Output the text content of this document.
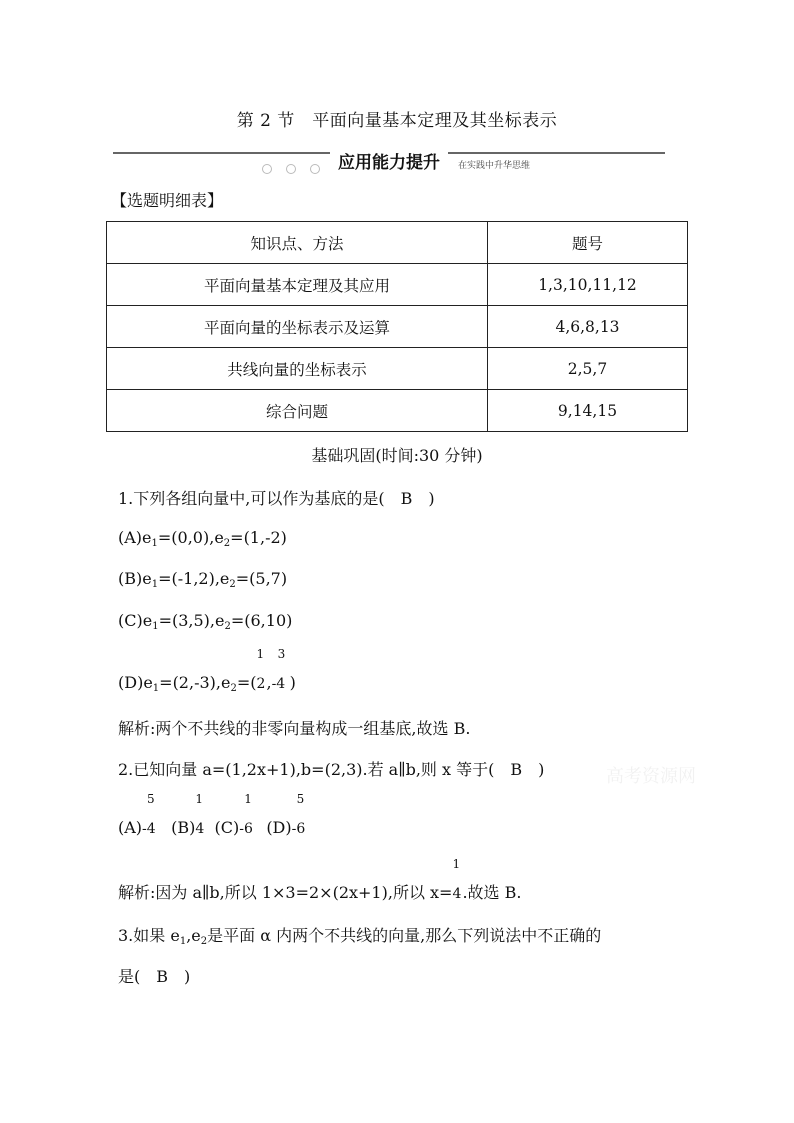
第 2 节　平面向量基本定理及其坐标表示
应用能力提升	在实践中升华思维
【选题明细表】
知识点、方法	题号
平面向量基本定理及其应用	1,3,10,11,12
平面向量的坐标表示及运算	4,6,8,13
共线向量的坐标表示	2,5,7
综合问题	9,14,15
基础巩固(时间:30 分钟)
1.下列各组向量中,可以作为基底的是(　B　)
$(A)e_1=(0,0),e_2=(1,-2)$
$(B)e_1=(-1,2),e_2=(5,7)$
$(C)e_1=(3,5),e_2=(6,10)$
$(D)e_1=(2,-3),e_2=$(
1
2,
3
-4 )
解析:两个不共线的非零向量构成一组基底,故选 B.
2.已知向量 a=(1,2x+1),b=(2,3).若 a∥b,则 x 等于(　B　)
(A)
5
-4 (B)
1
4 (C)
1
-6 (D)
5
-6
解析:因为 a∥b,所以 1×3=2×(2x+1),所以 x=
1
4.故选 B.
3.如果 $e_1,e_2$是平面 α 内两个不共线的向量,那么下列说法中不正确的
是(　B　)
高考资源网
